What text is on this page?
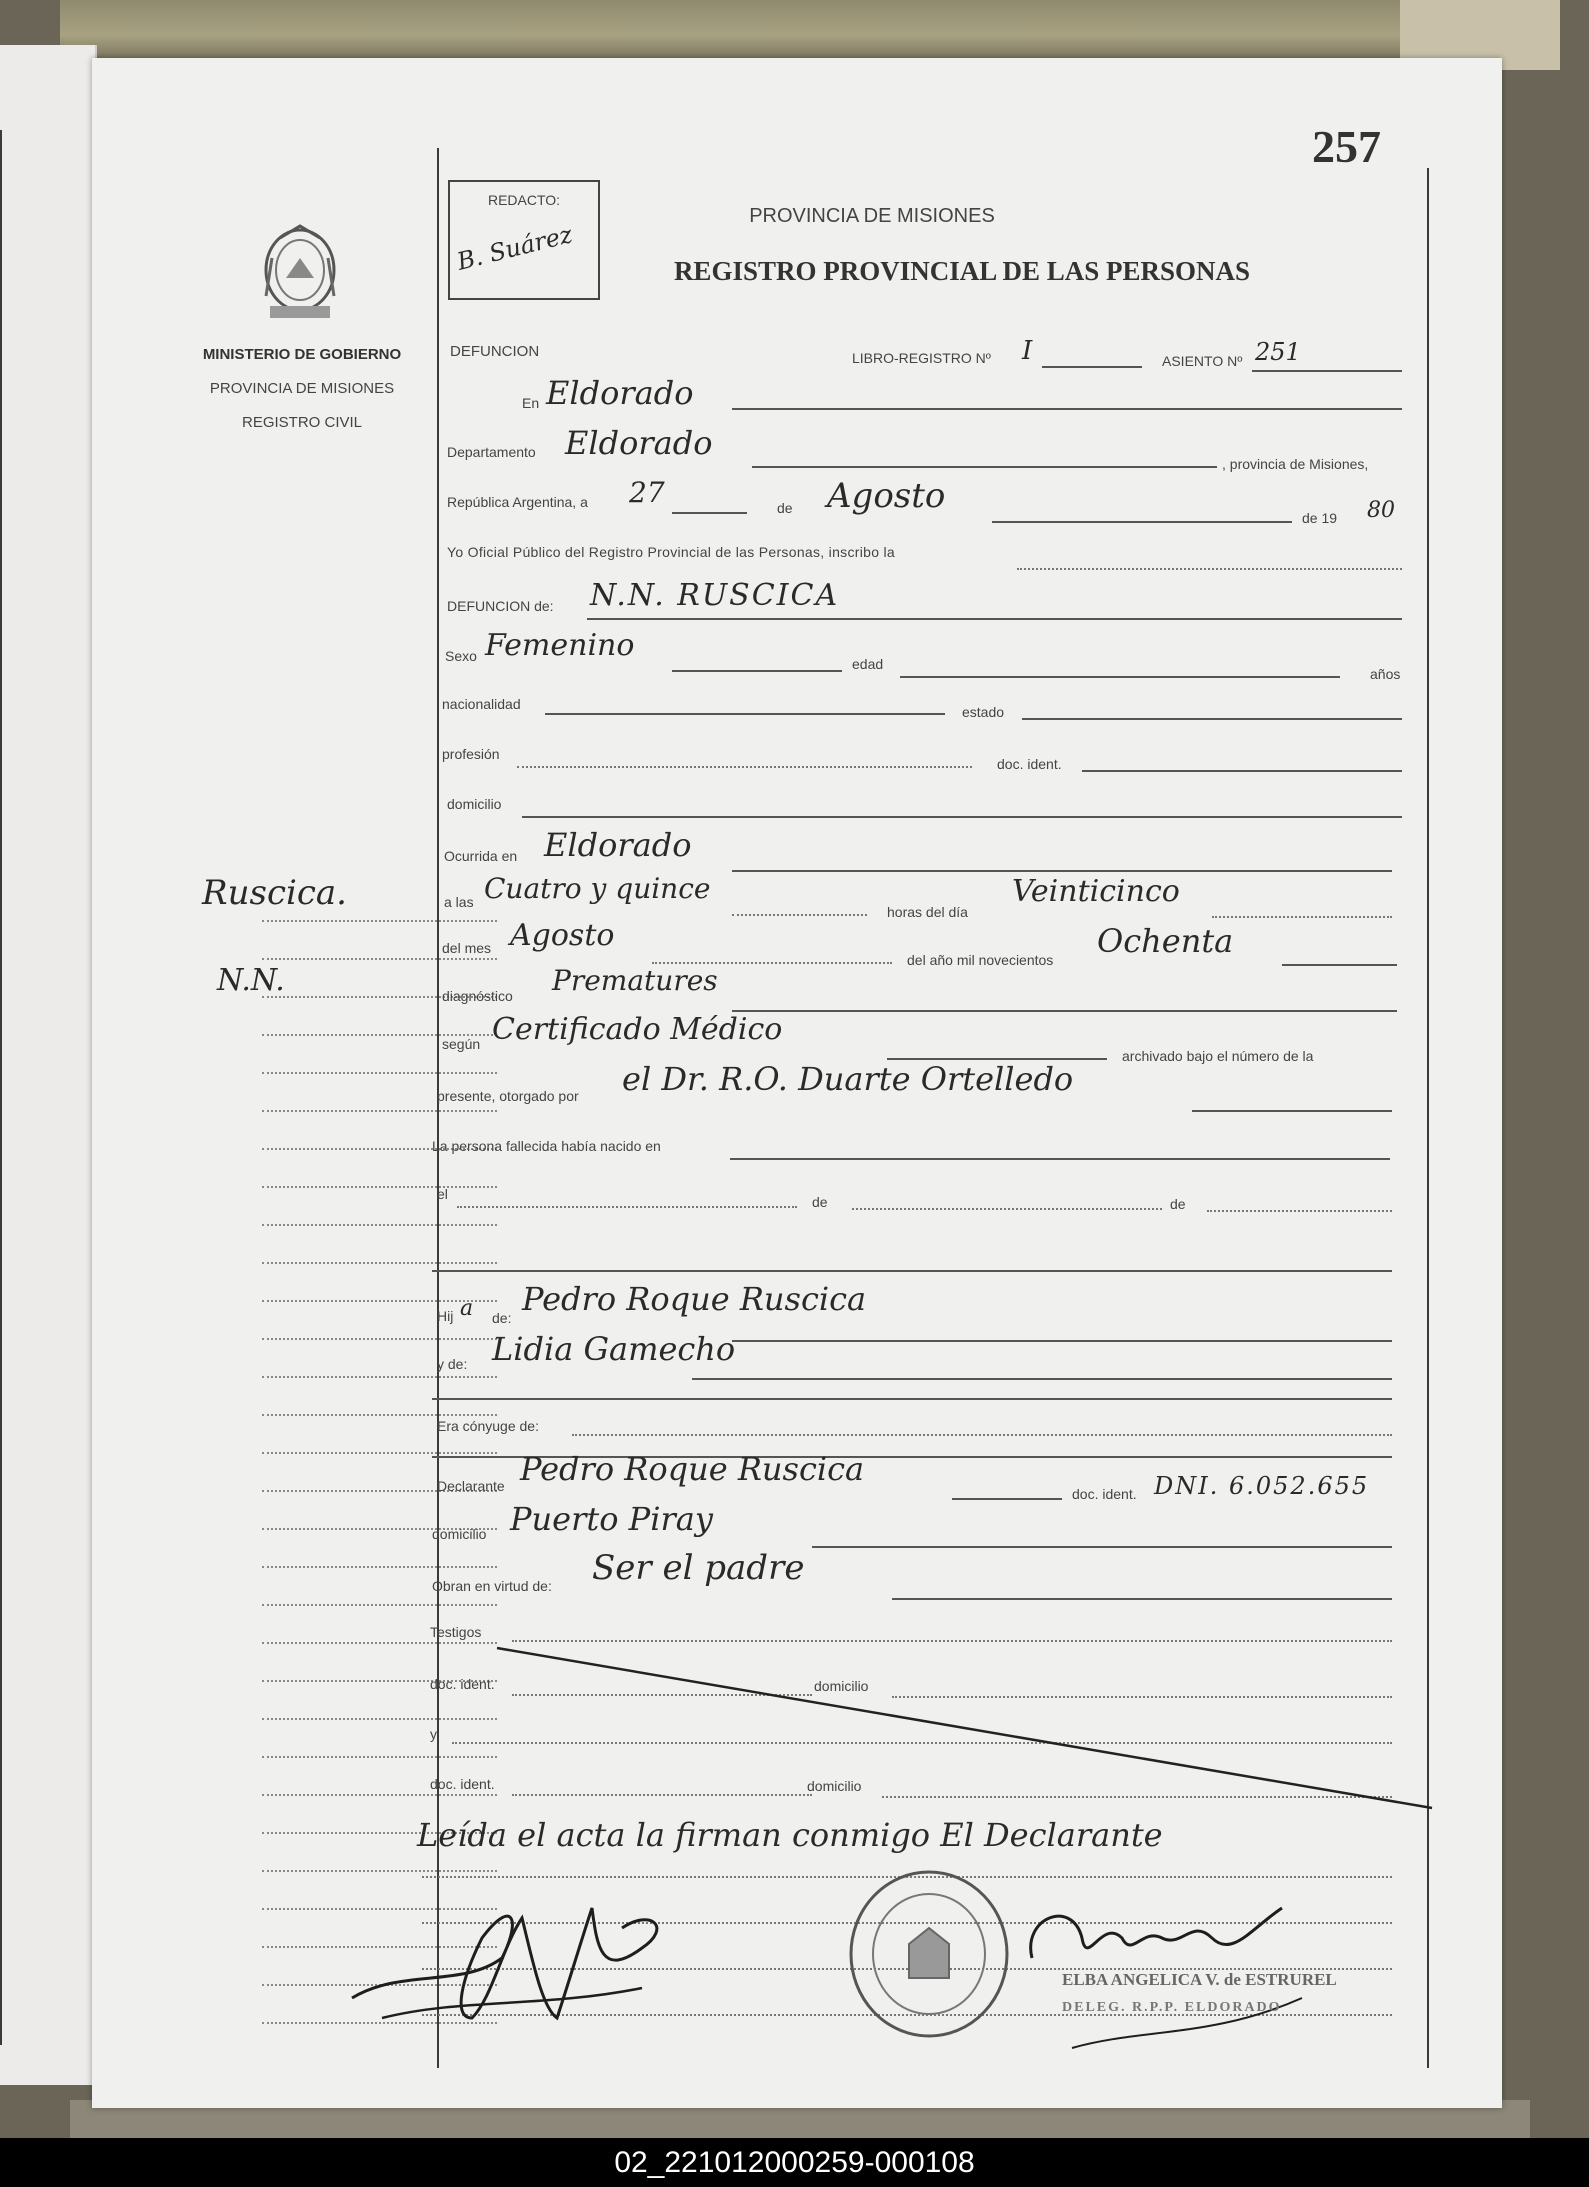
257
MINISTERIO DE GOBIERNO
PROVINCIA DE MISIONES
REGISTRO CIVIL
Ruscica.
N.N.
REDACTO:
B. Suárez
PROVINCIA DE MISIONES
REGISTRO PROVINCIAL DE LAS PERSONAS
DEFUNCION	LIBRO-REGISTRO Nº I	ASIENTO Nº 251
En Eldorado
Departamento Eldorado
, provincia de Misiones,
República Argentina, a 27	de Agosto
de 19 80
Yo Oficial Público del Registro Provincial de las Personas, inscribo la
DEFUNCION de: N.N. RUSCICA
Sexo Femenino
edad
años
nacionalidad	estado
profesión
doc. ident.
domicilio
Ocurrida en Eldorado
a las Cuatro y quince
horas del día
Veinticinco
del mes Agosto
del año mil novecientos Ochenta
diagnóstico Prematures
según Certificado Médico
archivado bajo el número de la
presente, otorgado por el Dr. R.O. Duarte Ortelledo
La persona fallecida había nacido en
el	de	de
Hij a de: Pedro Roque Ruscica
y de: Lidia Gamecho
Era cónyuge de:
Declarante Pedro Roque Ruscica
doc. ident. DNI. 6.052.655
domicilio Puerto Piray
Obran en virtud de: Ser el padre
Testigos
doc. ident.	domicilio
y
doc. ident.	domicilio
Leída el acta la firman conmigo El Declarante
ELBA ANGELICA V. de ESTRUREL
DELEG. R.P.P. ELDORADO
02_221012000259-000108
